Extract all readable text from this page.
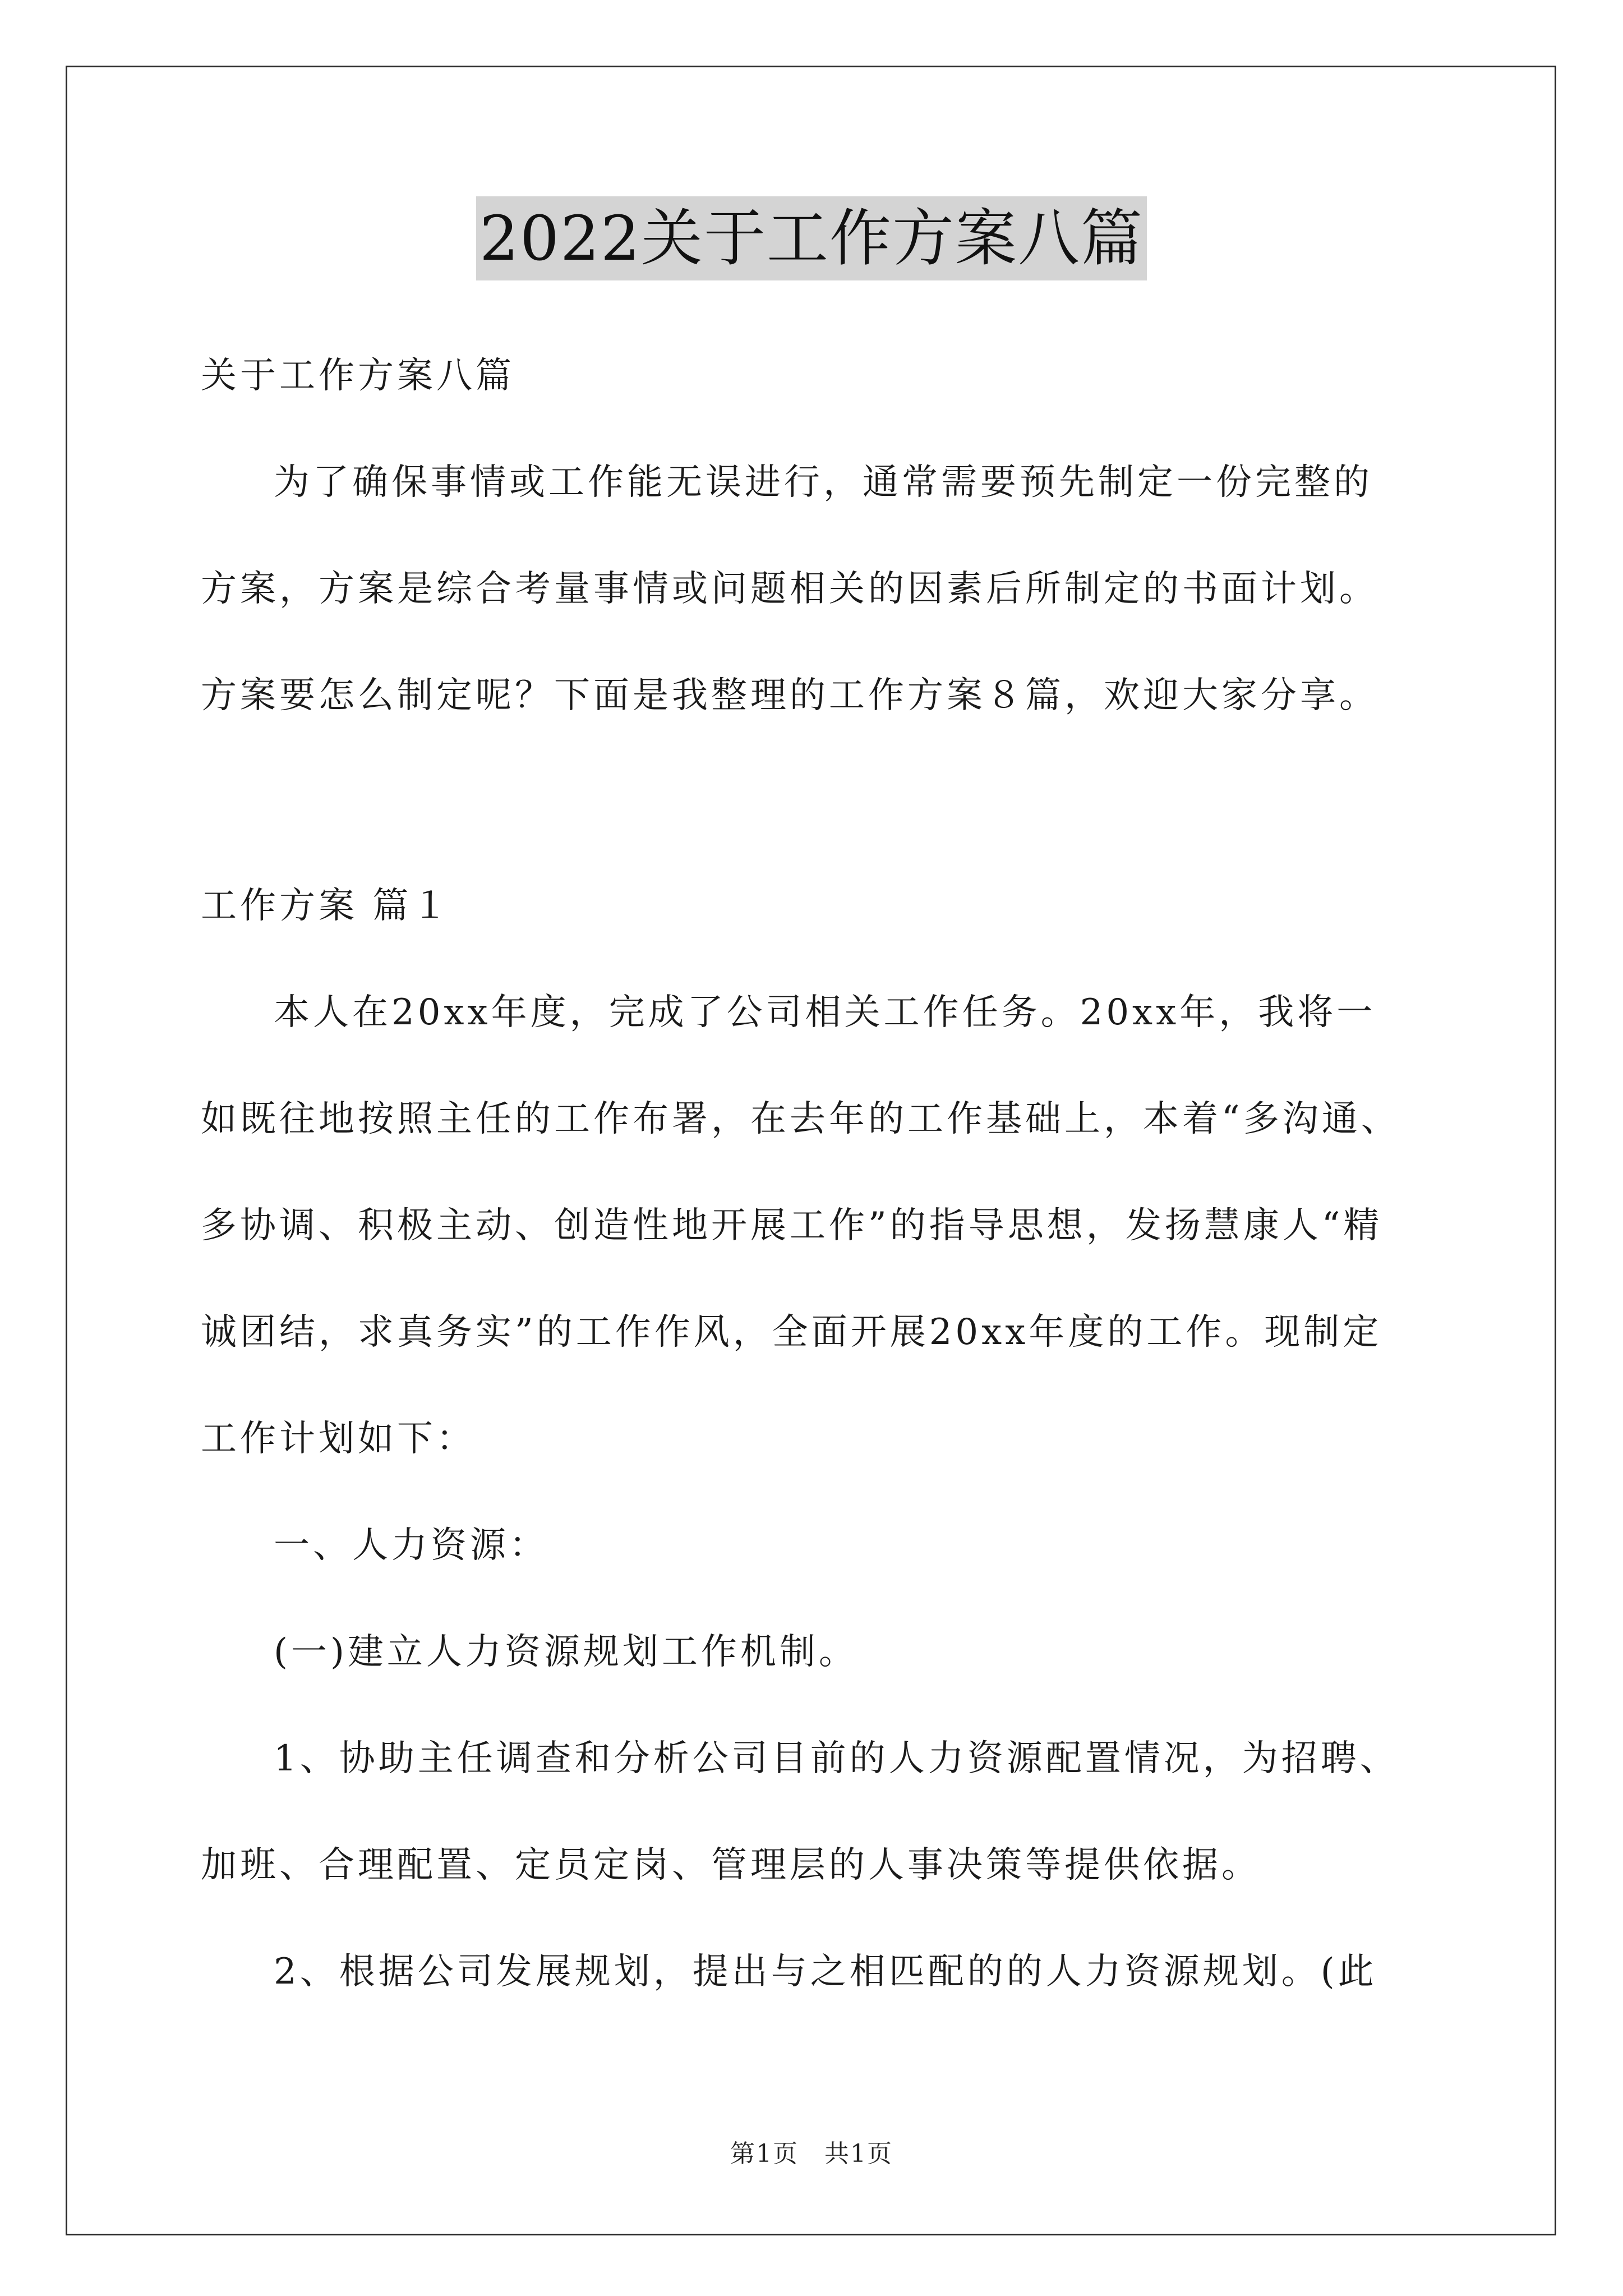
2022关于工作方案八篇
关于工作方案八篇
为了确保事情或工作能无误进行，通常需要预先制定一份完整的
方案，方案是综合考量事情或问题相关的因素后所制定的书面计划。
方案要怎么制定呢？下面是我整理的工作方案８篇，欢迎大家分享。
工作方案 篇１
本人在20xx年度，完成了公司相关工作任务。20xx年，我将一
如既往地按照主任的工作布署，在去年的工作基础上，本着“多沟通、
多协调、积极主动、创造性地开展工作”的指导思想，发扬慧康人“精
诚团结，求真务实”的工作作风，全面开展20xx年度的工作。现制定
工作计划如下：
一、人力资源：
(一)建立人力资源规划工作机制。
1、协助主任调查和分析公司目前的人力资源配置情况，为招聘、
加班、合理配置、定员定岗、管理层的人事决策等提供依据。
2、根据公司发展规划，提出与之相匹配的的人力资源规划。(此
第1页　共1页
